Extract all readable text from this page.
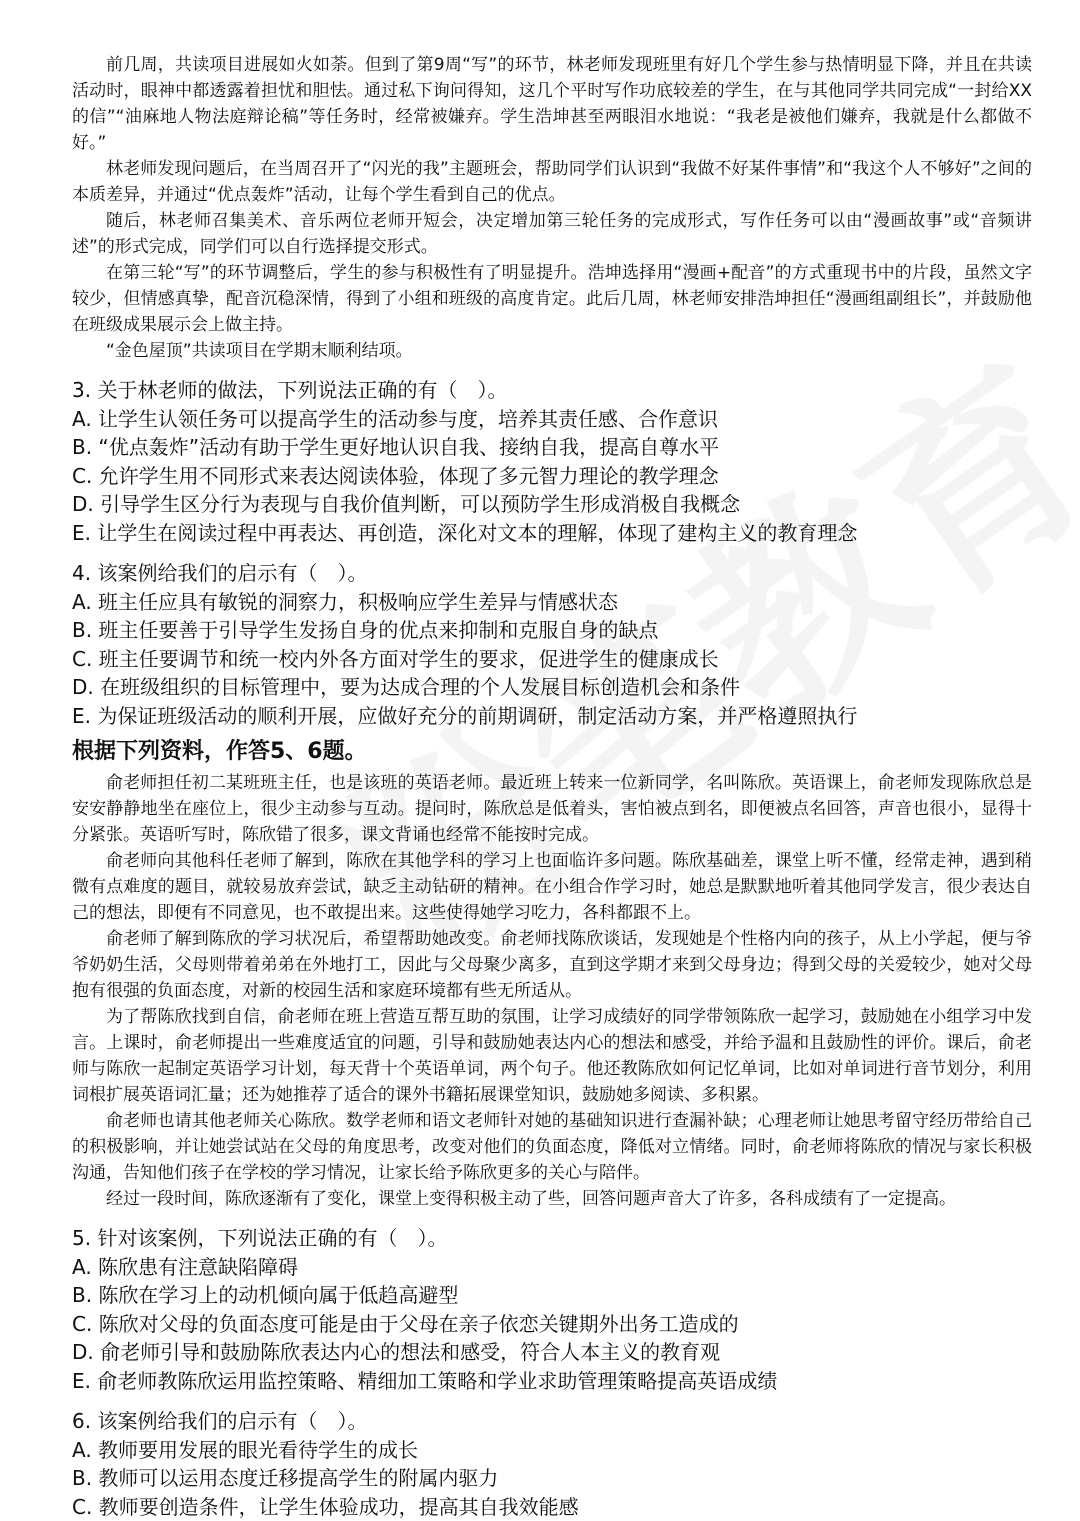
前几周，共读项目进展如火如荼。但到了第9周“写”的环节，林老师发现班里有好几个学生参与热情明显下降，并且在共读活动时，眼神中都透露着担忧和胆怯。通过私下询问得知，这几个平时写作功底较差的学生，在与其他同学共同完成“一封给XX的信”“油麻地人物法庭辩论稿”等任务时，经常被嫌弃。学生浩坤甚至两眼泪水地说：“我老是被他们嫌弃，我就是什么都做不好。”

林老师发现问题后，在当周召开了“闪光的我”主题班会，帮助同学们认识到“我做不好某件事情”和“我这个人不够好”之间的本质差异，并通过“优点轰炸”活动，让每个学生看到自己的优点。

随后，林老师召集美术、音乐两位老师开短会，决定增加第三轮任务的完成形式，写作任务可以由“漫画故事”或“音频讲述”的形式完成，同学们可以自行选择提交形式。

在第三轮“写”的环节调整后，学生的参与积极性有了明显提升。浩坤选择用“漫画+配音”的方式重现书中的片段，虽然文字较少，但情感真挚，配音沉稳深情，得到了小组和班级的高度肯定。此后几周，林老师安排浩坤担任“漫画组副组长”，并鼓励他在班级成果展示会上做主持。

“金色屋顶”共读项目在学期末顺利结项。

3. 关于林老师的做法，下列说法正确的有（　）。

A. 让学生认领任务可以提高学生的活动参与度，培养其责任感、合作意识

B. “优点轰炸”活动有助于学生更好地认识自我、接纳自我，提高自尊水平

C. 允许学生用不同形式来表达阅读体验，体现了多元智力理论的教学理念

D. 引导学生区分行为表现与自我价值判断，可以预防学生形成消极自我概念

E. 让学生在阅读过程中再表达、再创造，深化对文本的理解，体现了建构主义的教育理念

4. 该案例给我们的启示有（　）。

A. 班主任应具有敏锐的洞察力，积极响应学生差异与情感状态

B. 班主任要善于引导学生发扬自身的优点来抑制和克服自身的缺点

C. 班主任要调节和统一校内外各方面对学生的要求，促进学生的健康成长

D. 在班级组织的目标管理中，要为达成合理的个人发展目标创造机会和条件

E. 为保证班级活动的顺利开展，应做好充分的前期调研，制定活动方案，并严格遵照执行

根据下列资料，作答5、6题。

俞老师担任初二某班班主任，也是该班的英语老师。最近班上转来一位新同学，名叫陈欣。英语课上，俞老师发现陈欣总是安安静静地坐在座位上，很少主动参与互动。提问时，陈欣总是低着头，害怕被点到名，即便被点名回答，声音也很小，显得十分紧张。英语听写时，陈欣错了很多，课文背诵也经常不能按时完成。

俞老师向其他科任老师了解到，陈欣在其他学科的学习上也面临许多问题。陈欣基础差，课堂上听不懂，经常走神，遇到稍微有点难度的题目，就较易放弃尝试，缺乏主动钻研的精神。在小组合作学习时，她总是默默地听着其他同学发言，很少表达自己的想法，即便有不同意见，也不敢提出来。这些使得她学习吃力，各科都跟不上。

俞老师了解到陈欣的学习状况后，希望帮助她改变。俞老师找陈欣谈话，发现她是个性格内向的孩子，从上小学起，便与爷爷奶奶生活，父母则带着弟弟在外地打工，因此与父母聚少离多，直到这学期才来到父母身边；得到父母的关爱较少，她对父母抱有很强的负面态度，对新的校园生活和家庭环境都有些无所适从。

为了帮陈欣找到自信，俞老师在班上营造互帮互助的氛围，让学习成绩好的同学带领陈欣一起学习，鼓励她在小组学习中发言。上课时，俞老师提出一些难度适宜的问题，引导和鼓励她表达内心的想法和感受，并给予温和且鼓励性的评价。课后，俞老师与陈欣一起制定英语学习计划，每天背十个英语单词，两个句子。他还教陈欣如何记忆单词，比如对单词进行音节划分，利用词根扩展英语词汇量；还为她推荐了适合的课外书籍拓展课堂知识，鼓励她多阅读、多积累。

俞老师也请其他老师关心陈欣。数学老师和语文老师针对她的基础知识进行查漏补缺；心理老师让她思考留守经历带给自己的积极影响，并让她尝试站在父母的角度思考，改变对他们的负面态度，降低对立情绪。同时，俞老师将陈欣的情况与家长积极沟通，告知他们孩子在学校的学习情况，让家长给予陈欣更多的关心与陪伴。

经过一段时间，陈欣逐渐有了变化，课堂上变得积极主动了些，回答问题声音大了许多，各科成绩有了一定提高。

5. 针对该案例，下列说法正确的有（　）。

A. 陈欣患有注意缺陷障碍

B. 陈欣在学习上的动机倾向属于低趋高避型

C. 陈欣对父母的负面态度可能是由于父母在亲子依恋关键期外出务工造成的

D. 俞老师引导和鼓励陈欣表达内心的想法和感受，符合人本主义的教育观

E. 俞老师教陈欣运用监控策略、精细加工策略和学业求助管理策略提高英语成绩

6. 该案例给我们的启示有（　）。

A. 教师要用发展的眼光看待学生的成长

B. 教师可以运用态度迁移提高学生的附属内驱力

C. 教师要创造条件，让学生体验成功，提高其自我效能感
